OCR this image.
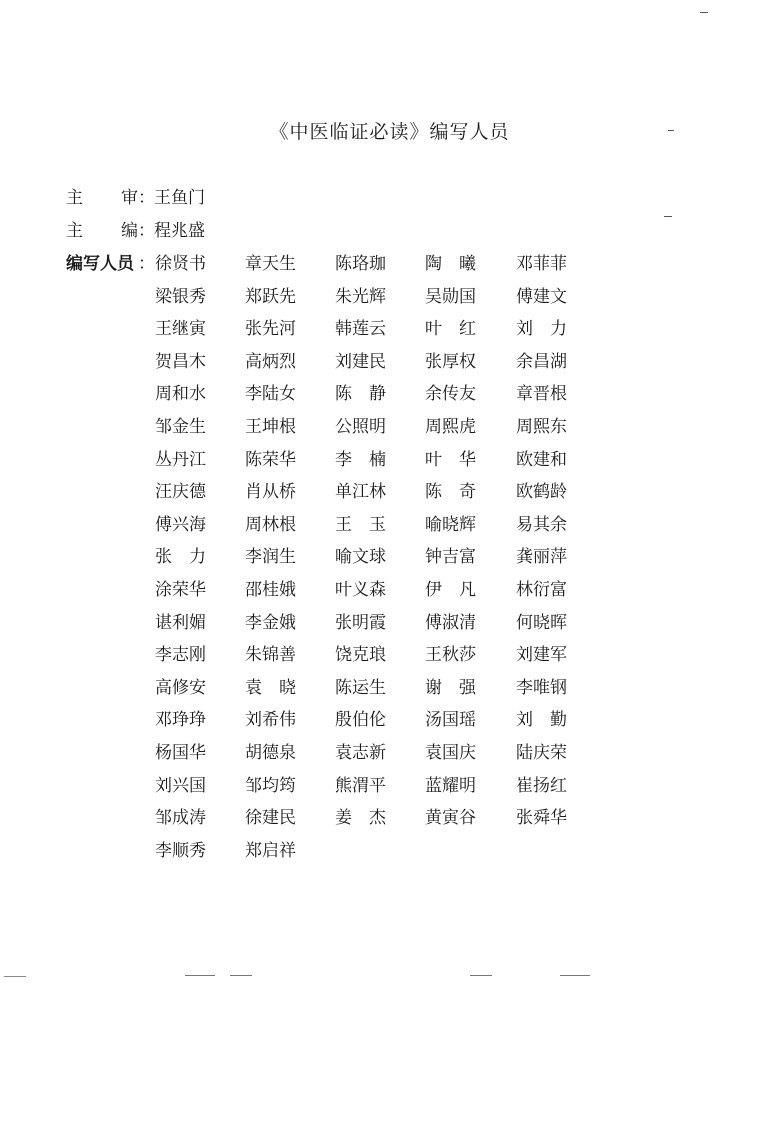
《中医临证必读》编写人员
主 审 ： 王鱼门
主 编 ： 程兆盛
编写人员 ： 徐贤书 章天生 陈珞珈 陶　曦 邓菲菲
梁银秀 郑跃先 朱光辉 吴勋国 傅建文
王继寅 张先河 韩莲云 叶　红 刘　力
贺昌木 高炳烈 刘建民 张厚权 余昌湖
周和水 李陆女 陈　静 余传友 章晋根
邹金生 王坤根 公照明 周熙虎 周熙东
丛丹江 陈荣华 李　楠 叶　华 欧建和
汪庆德 肖从桥 单江林 陈　奇 欧鹤龄
傅兴海 周林根 王　玉 喻晓辉 易其余
张　力 李润生 喻文球 钟吉富 龚丽萍
涂荣华 邵桂娥 叶义森 伊　凡 林衍富
谌利媚 李金娥 张明霞 傅淑清 何晓晖
李志刚 朱锦善 饶克琅 王秋莎 刘建军
高修安 袁　晓 陈运生 谢　强 李唯钢
邓琤琤 刘希伟 殷伯伦 汤国瑶 刘　勤
杨国华 胡德泉 袁志新 袁国庆 陆庆荣
刘兴国 邹均筠 熊渭平 蓝耀明 崔扬红
邹成涛 徐建民 姜　杰 黄寅谷 张舜华
李顺秀 郑启祥
